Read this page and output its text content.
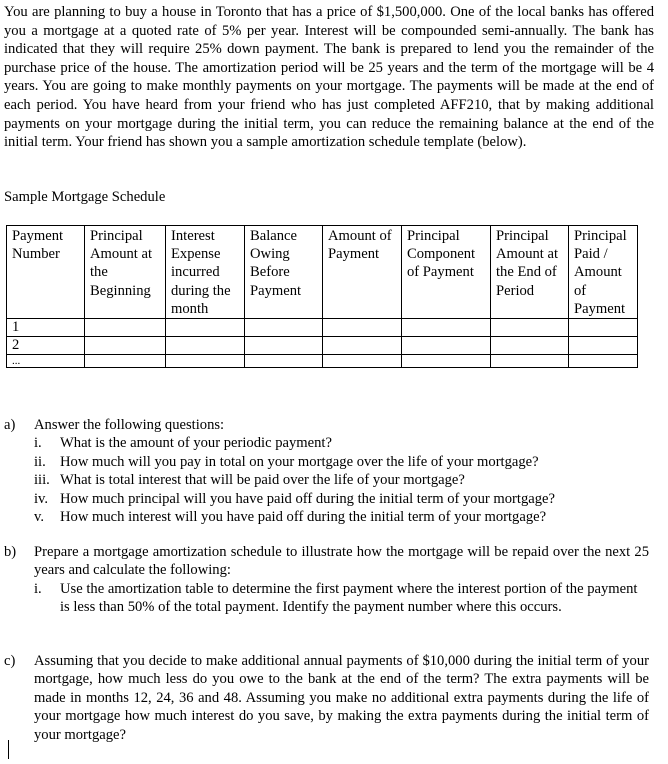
You are planning to buy a house in Toronto that has a price of $1,500,000. One of the local banks has offered you a mortgage at a quoted rate of 5% per year. Interest will be compounded semi-annually. The bank has indicated that they will require 25% down payment. The bank is prepared to lend you the remainder of the purchase price of the house. The amortization period will be 25 years and the term of the mortgage will be 4 years. You are going to make monthly payments on your mortgage. The payments will be made at the end of each period. You have heard from your friend who has just completed AFF210, that by making additional payments on your mortgage during the initial term, you can reduce the remaining balance at the end of the initial term. Your friend has shown you a sample amortization schedule template (below).

Sample Mortgage Schedule
Payment Number	Principal Amount at the Beginning	Interest Expense incurred during the month	Balance Owing Before Payment	Amount of Payment	Principal Component of Payment	Principal Amount at the End of Period	Principal Paid / Amount of Payment
1							
2							
...							
a)	Answer the following questions:
i.	What is the amount of your periodic payment?
ii. How much will you pay in total on your mortgage over the life of your mortgage?
iii. What is total interest that will be paid over the life of your mortgage?
iv. How much principal will you have paid off during the initial term of your mortgage?
v.	How much interest will you have paid off during the initial term of your mortgage?
b)	Prepare a mortgage amortization schedule to illustrate how the mortgage will be repaid over the next 25 years and calculate the following:
i.	Use the amortization table to determine the first payment where the interest portion of the payment is less than 50% of the total payment. Identify the payment number where this occurs.
c)	Assuming that you decide to make additional annual payments of $10,000 during the initial term of your mortgage, how much less do you owe to the bank at the end of the term? The extra payments will be made in months 12, 24, 36 and 48. Assuming you make no additional extra payments during the life of your mortgage how much interest do you save, by making the extra payments during the initial term of your mortgage?
